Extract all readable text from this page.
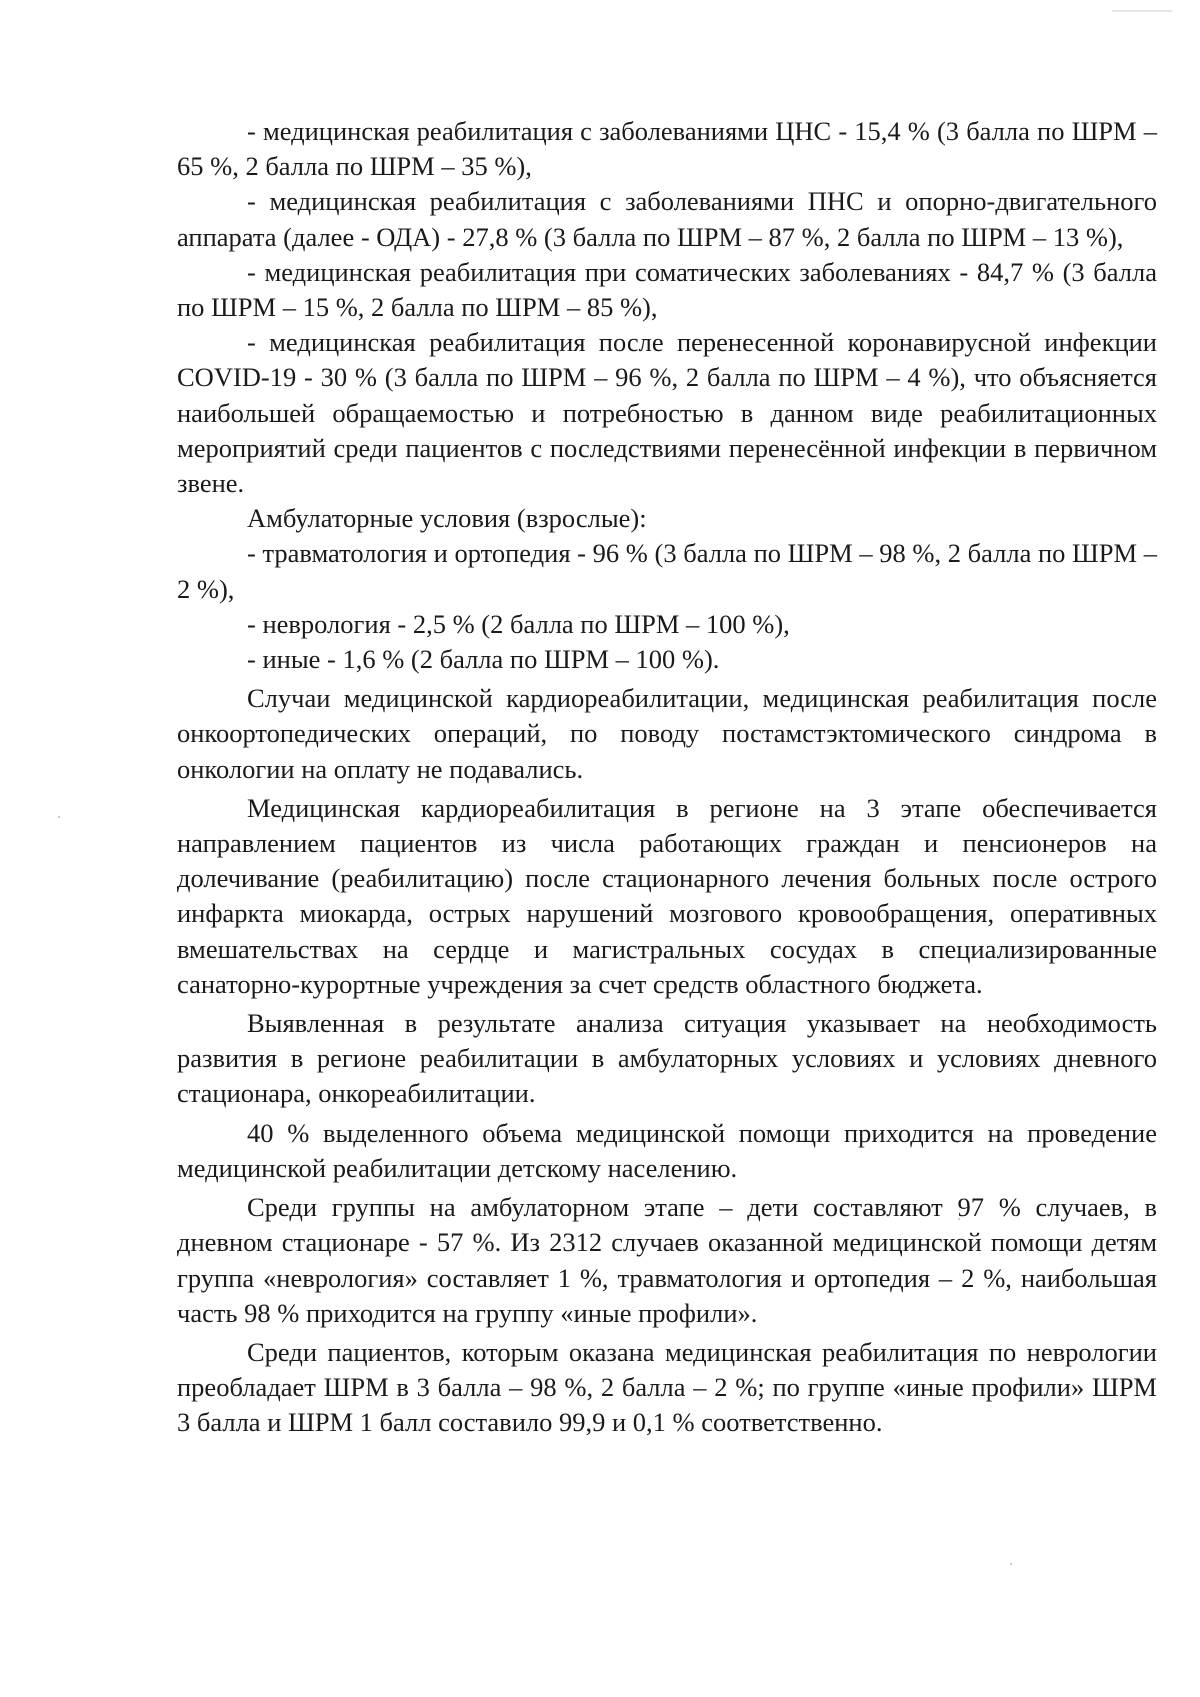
- медицинская реабилитация с заболеваниями ЦНС - 15,4 % (3 балла по ШРМ – 65 %, 2 балла по ШРМ – 35 %),

- медицинская реабилитация с заболеваниями ПНС и опорно-двигательного аппарата (далее - ОДА) - 27,8 % (3 балла по ШРМ – 87 %, 2 балла по ШРМ – 13 %),

- медицинская реабилитация при соматических заболеваниях - 84,7 % (3 балла по ШРМ – 15 %, 2 балла по ШРМ – 85 %),

- медицинская реабилитация после перенесенной коронавирусной инфекции COVID-19 - 30 % (3 балла по ШРМ – 96 %, 2 балла по ШРМ – 4 %), что объясняется наибольшей обращаемостью и потребностью в данном виде реабилитационных мероприятий среди пациентов с последствиями перенесённой инфекции в первичном звене.

Амбулаторные условия (взрослые):

- травматология и ортопедия - 96 % (3 балла по ШРМ – 98 %, 2 балла по ШРМ – 2 %),

- неврология - 2,5 % (2 балла по ШРМ – 100 %),

- иные - 1,6 % (2 балла по ШРМ – 100 %).

Случаи медицинской кардиореабилитации, медицинская реабилитация после онкоортопедических операций, по поводу постамстэктомического синдрома в онкологии на оплату не подавались.

Медицинская кардиореабилитация в регионе на 3 этапе обеспечивается направлением пациентов из числа работающих граждан и пенсионеров на долечивание (реабилитацию) после стационарного лечения больных после острого инфаркта миокарда, острых нарушений мозгового кровообращения, оперативных вмешательствах на сердце и магистральных сосудах в специализированные санаторно-курортные учреждения за счет средств областного бюджета.

Выявленная в результате анализа ситуация указывает на необходимость развития в регионе реабилитации в амбулаторных условиях и условиях дневного стационара, онкореабилитации.

40 % выделенного объема медицинской помощи приходится на проведение медицинской реабилитации детскому населению.

Среди группы на амбулаторном этапе – дети составляют 97 % случаев, в дневном стационаре - 57 %. Из 2312 случаев оказанной медицинской помощи детям группа «неврология» составляет 1 %, травматология и ортопедия – 2 %, наибольшая часть 98 % приходится на группу «иные профили».

Среди пациентов, которым оказана медицинская реабилитация по неврологии преобладает ШРМ в 3 балла – 98 %, 2 балла – 2 %; по группе «иные профили» ШРМ 3 балла и ШРМ 1 балл составило 99,9 и 0,1 % соответственно.
